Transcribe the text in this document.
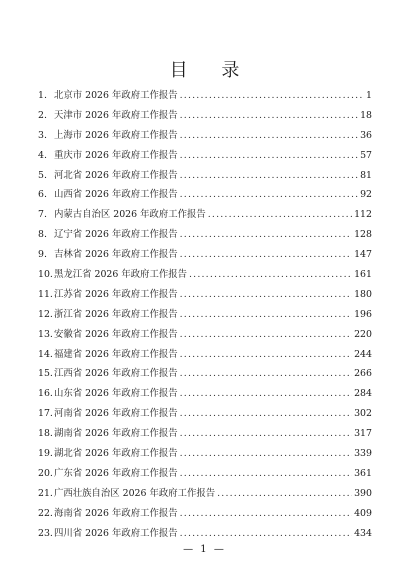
目 录
1. 北京市 2026 年政府工作报告 .....	1
2. 天津市 2026 年政府工作报告 .....	18
3. 上海市 2026 年政府工作报告 .....	36
4. 重庆市 2026 年政府工作报告 .....	57
5. 河北省 2026 年政府工作报告 .....	81
6. 山西省 2026 年政府工作报告 .....	92
7. 内蒙古自治区 2026 年政府工作报告 .....	112
8. 辽宁省 2026 年政府工作报告 .....	128
9. 吉林省 2026 年政府工作报告 .....	147
10. 黑龙江省 2026 年政府工作报告 .....	161
11. 江苏省 2026 年政府工作报告 .....	180
12. 浙江省 2026 年政府工作报告 .....	196
13. 安徽省 2026 年政府工作报告 .....	220
14. 福建省 2026 年政府工作报告 .....	244
15. 江西省 2026 年政府工作报告 .....	266
16. 山东省 2026 年政府工作报告 .....	284
17. 河南省 2026 年政府工作报告 .....	302
18. 湖南省 2026 年政府工作报告 .....	317
19. 湖北省 2026 年政府工作报告 .....	339
20. 广东省 2026 年政府工作报告 .....	361
21. 广西壮族自治区 2026 年政府工作报告 .....	390
22. 海南省 2026 年政府工作报告 .....	409
23. 四川省 2026 年政府工作报告 .....	434
— 1 —
